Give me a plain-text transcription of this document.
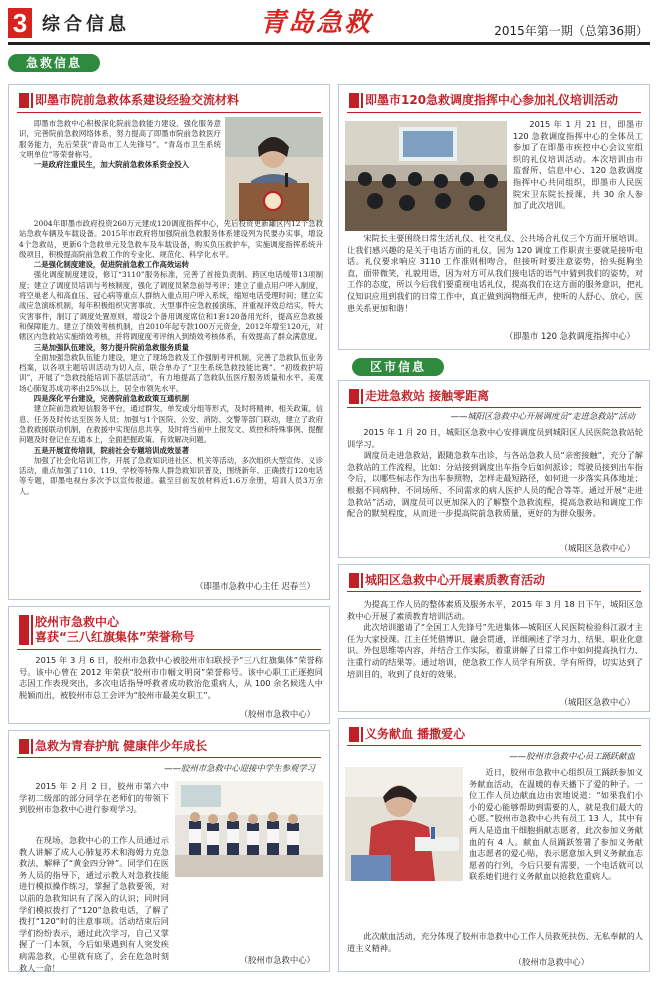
3 综合信息	青岛急救	2015年第一期（总第36期）
急救信息
即墨市院前急救体系建设经验交流材料

即墨市急救中心积极深化院前急救能力建设、强化服务意识，完善院前急救网络体系，努力提高了即墨市院前急救医疗服务能力，先后荣获“青岛市工人先锋号”、“青岛市卫生系统文明单位”等荣誉称号。

一是政府注重民生，加大院前急救体系资金投入

2004年即墨市政府投资260万元建成120调度指挥中心，先后投资更新罐区内12个急救站急救车辆及车载设备。2015年市政府将加强院前急救服务体系建设列为民要办实事，增设4个急救站，更新6个急救单元及急救车及车载设备，购买负压救护车，实施调度指挥系统升级项目，积极提高院前急救工作的专业化、规范化、科学化水平。

二是强化制度建设，促进院前急救工作高效运转

强化调度制度建设，修订“3110”服务标准，完善了首接负责制、跨区电话缓带13项制度；建立了调度员培训与考核制度，强化了调度员紧急前导考评；建立了重点用户呼入制度，将空巢老人和高血压、冠心病等重点人群纳入重点用户呼入系统，缩短电话受理时间；建立实战应急演练机制，每年积极组织灾害事故、大型事件应急救援演练，并重视评效总结实，特大灾害事件，制订了调度处置原则，增设2个备用调度席位和1套120备用光纤，提高应急救援和保障能力。建立了绩效考核机制，自2010年起专款100万元资金，2012年增至120元，对辖区内急救站实施绩效考核，并将调度度考评纳入到绩效考核体系，有效提高了群众满意度。

三是加强队伍建设，努力提升院前急救服务质量

全面加强急救队伍能力建设，建立了现场急救及工作强制考评机制，完善了急救队伍业务档案，以各项主题培训活动为切入点，联合单办了“卫生系统急救技能比赛”、“初级救护培训”，开展了“急救技能培训下基层活动”，有力地提高了急救队伍医疗服务质量和水平。美观场心肺复苏成功率由25%以上，居全市领先水平。

四是深化平台建设，完善院前急救政策互通机制

建立院前急救短信服务平台，通过群发、单发或分组等形式，及时将精神、相关政策、信息、任务及时传达至医务人员；加强与1个医院、公安、消防、交警等部门联动，建立了政府急救救援联动机制，在救援中实现信息共享，及时将当前中上报发文、质控和特殊事例、提醒问题及时登记在互通本上，全面把握政策、有效解决问题。

五是开展宣传培训，院前社会专题培训成效显著

加强了社会化培训工作，开展了急救知识进社区、机关等活动，多次组织大型宣传、义诊活动，重点加强了110、119、学校等特殊人群急救知识普及，围绕新年、正确拨打120电话等专题，即墨电视台多次予以宣传报道。截至目前发放材料近1.6万余册，培训人员3万余人。

（即墨市急救中心主任 迟春兰）
胶州市急救中心
喜获“三八红旗集体”荣誉称号

2015 年 3 月 6 日，胶州市急救中心被胶州市妇联授予“三八红旗集体”荣誉称号。该中心曾在 2012 年荣获“胶州市巾帼文明岗”荣誉称号。该中心职工正逐抱同志因工作表现突出，多次电话指导呼救者成功救治危重病人，从 100 余名候选人中脱颖而出，被胶州市总工会评为“胶州市最美女职工”。

（胶州市急救中心）
急救为青春护航 健康伴少年成长
——胶州市急救中心迎接中学生参观学习

2015 年 2 月 2 日，胶州市第六中学初二级部的部分同学在老师们的带领下到胶州市急救中心进行参观学习。

在现场，急救中心的工作人员通过示教人讲解了成人心肺复苏术和海姆力克急救法，解释了“黄金四分钟”。同学们在医务人员的指导下，通过示教人对急救技能进行模拟操作练习，掌握了急救要领，对以前的急救知识有了深入的认识；同时同学们模拟拨打了“120”急救电话，了解了拨打“120”时的注意事项。活动结束后同学们纷纷表示，通过此次学习，自己又掌握了一门本领，今后如果遇到有人突发疾病需急救，心里就有底了，会在危急时刻救人一命！

（胶州市急救中心）
即墨市120急救调度指挥中心参加礼仪培训活动

2015 年 1 月 21 日，即墨市 120 急救调度指挥中心的全体员工参加了在即墨市疾控中心会议室组织的礼仪培训活动。本次培训由市监督所、信息中心、120 急救调度指挥中心共同组织，即墨市人民医院宋卫东院长授课，共 30 余人参加了此次培训。

宋院长主要围绕日常生活礼仪、社交礼仪、公共场合礼仪三个方面开展培训。让我们感兴趣的是关于电话方面的礼仪，因为 120 调度工作职责主要就是接听电话。礼仪要求响应 3110 工作准则相吻合，但接听时要注意姿势，抬头挺胸坐直，面带微笑，礼貌用语，因为对方可从我们接电话的语气中猜到我们的姿势，对工作的态度，所以今后我们要重视电话礼仪，提高我们在这方面的服务意识，把礼仪知识应用到我们的日常工作中，真正做到润物细无声，使听的人舒心、放心，医患关系更加和谐！

（即墨市 120 急救调度指挥中心）
区市信息
走进急救站 接触零距离
——城阳区急救中心开展调度员“走进急救站”活动

2015 年 1 月 20 日，城阳区急救中心安排调度员到城阳区人民医院急救站轮训学习。

调度员走进急救站，跟随急救车出诊，与各站急救人员“亲密接触”，充分了解急救站的工作流程，比如：分站接到调度出车指令后如何派诊；驾驶员接到出车指令后，以哪些标志作为出车参照物，怎样走最短路径，如何进一步落实具体地址；根据不同病种、不同场所、不同需求的病人医护人员的配合等等。通过开展“走进急救站”活动，调度员可以更加深入的了解整个急救流程，提高急救站和调度工作配合的默契程度，从而进一步提高院前急救质量，更好的为群众服务。

（城阳区急救中心）
城阳区急救中心开展素质教育活动

为提高工作人员的整体素质及服务水平，2015 年 3 月 18 日下午，城阳区急救中心开展了素质教育培训活动。

此次培训邀请了“全国工人先锋号”先进集体—城阳区人民医院检验科江淑才主任为大家授课。江主任凭借博识、融会贯通，详细阐述了学习力、结果、职业化意识、外包思维等内容，并结合工作实际，着重讲解了日常工作中如何提高执行力、注重行动的结果等。通过培训，使急救工作人员学有所获、学有所得，切实达到了培训目的，收到了良好的效果。

（城阳区急救中心）
义务献血 播撒爱心
——胶州市急救中心员工踊跃献血

近日，胶州市急救中心组织员工踊跃参加义务献血活动，在温暖的春天播下了爱的种子。一位工作人员边献血边由衷地说道：“如果我们小小的爱心能够帮助到需要的人，就是我们最大的心愿。”胶州市急救中心共有员工 13 人，其中有两人是造血干细胞捐献志愿者，此次参加义务献血的有 4 人。献血人员踊跃签署了参加义务献血志愿者的爱心贴，表示愿意加入到义务献血志愿者的行列，今后只要有需要，一个电话就可以联系她们进行义务献血以抢救危重病人。

此次献血活动，充分体现了胶州市急救中心工作人员救死扶伤、无私奉献的人道主义精神。

（胶州市急救中心）
